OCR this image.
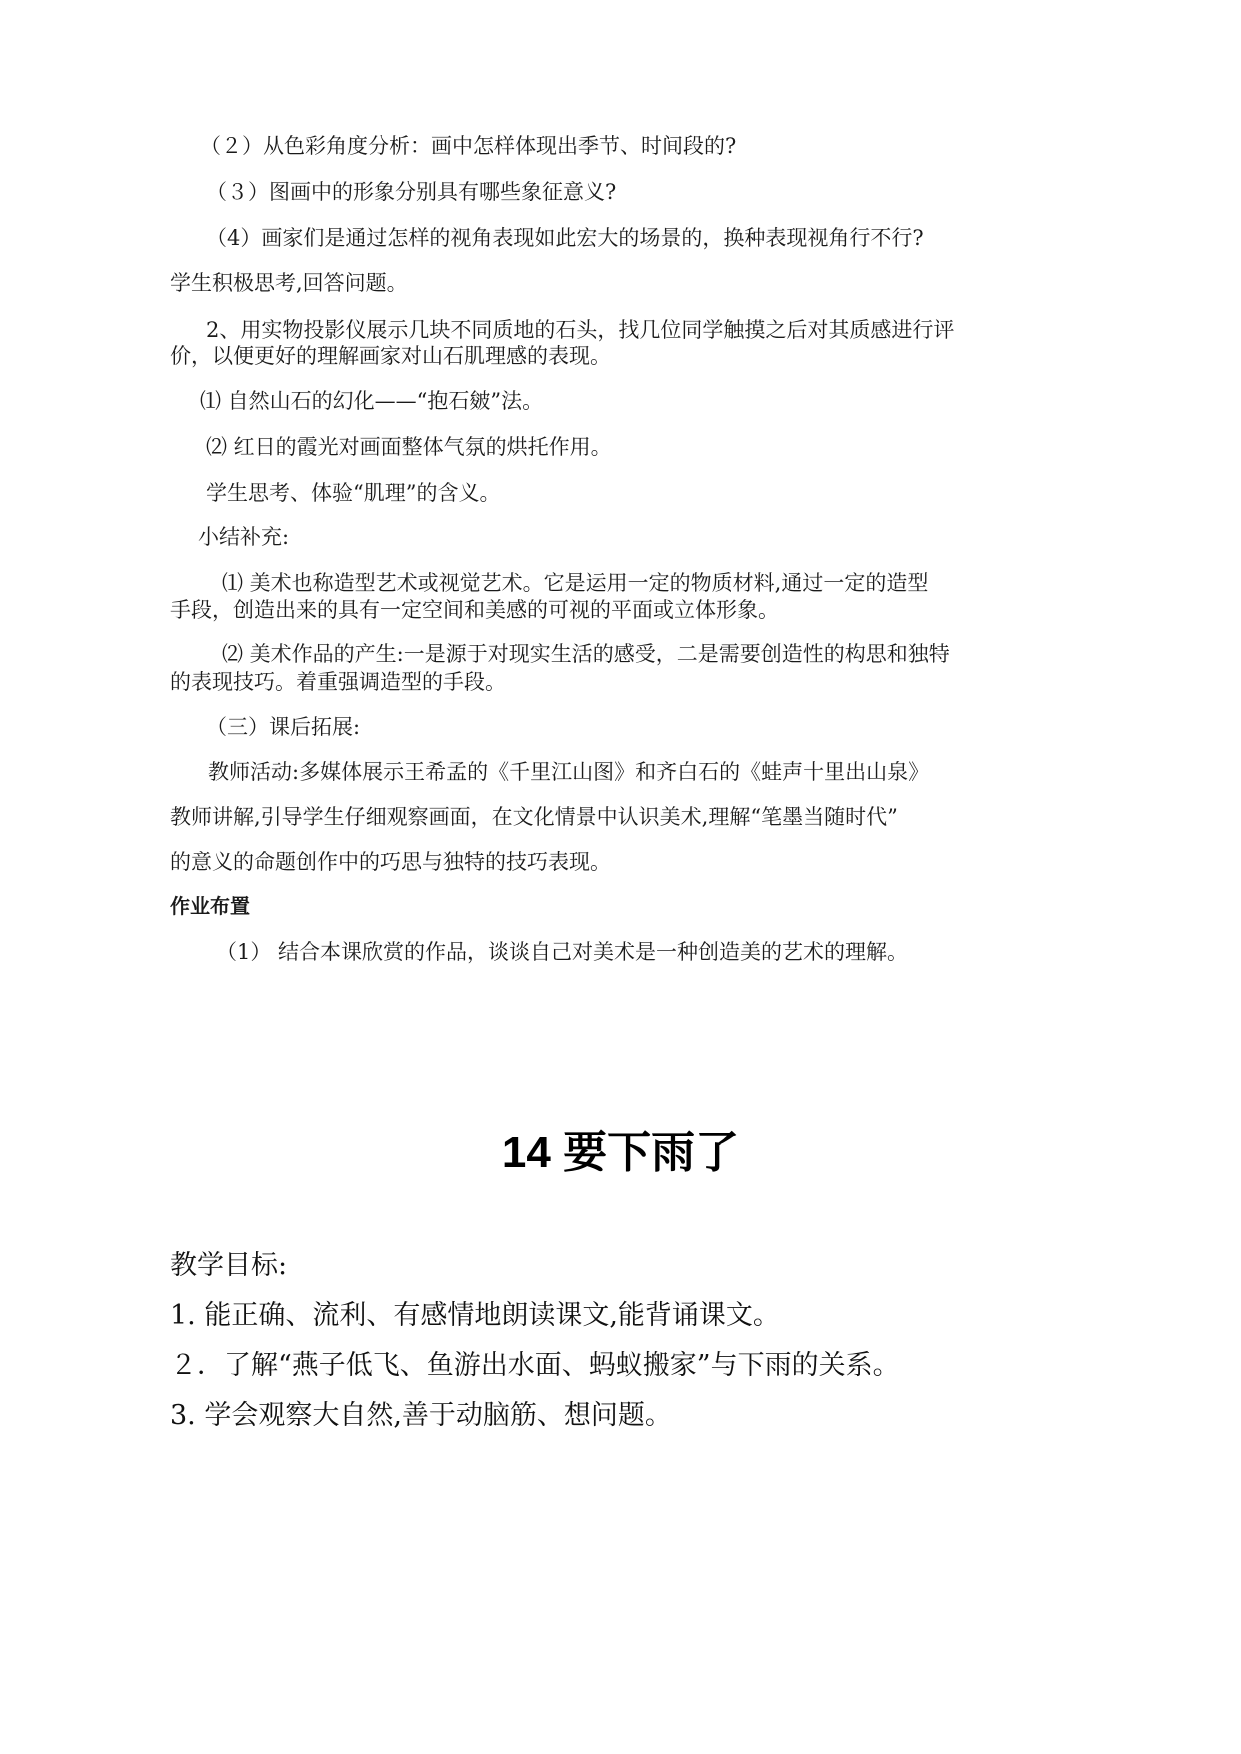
（２）从色彩角度分析：画中怎样体现出季节、时间段的?
（３）图画中的形象分别具有哪些象征意义?
（4）画家们是通过怎样的视角表现如此宏大的场景的，换种表现视角行不行?
学生积极思考,回答问题。
2、用实物投影仪展示几块不同质地的石头，找几位同学触摸之后对其质感进行评
价，以便更好的理解画家对山石肌理感的表现。
⑴ 自然山石的幻化——“抱石皴”法。
⑵ 红日的霞光对画面整体气氛的烘托作用。
学生思考、体验“肌理”的含义。
小结补充:
⑴ 美术也称造型艺术或视觉艺术。它是运用一定的物质材料,通过一定的造型
手段，创造出来的具有一定空间和美感的可视的平面或立体形象。
⑵ 美术作品的产生:一是源于对现实生活的感受，二是需要创造性的构思和独特
的表现技巧。着重强调造型的手段。
（三）课后拓展:
教师活动:多媒体展示王希孟的《千里江山图》和齐白石的《蛙声十里出山泉》
教师讲解,引导学生仔细观察画面，在文化情景中认识美术,理解“笔墨当随时代”
的意义的命题创作中的巧思与独特的技巧表现。
作业布置
（1） 结合本课欣赏的作品，谈谈自己对美术是一种创造美的艺术的理解。
14 要下雨了
教学目标:
1. 能正确、流利、有感情地朗读课文,能背诵课文。
２．了解“燕子低飞、鱼游出水面、蚂蚁搬家”与下雨的关系。
3. 学会观察大自然,善于动脑筋、想问题。
